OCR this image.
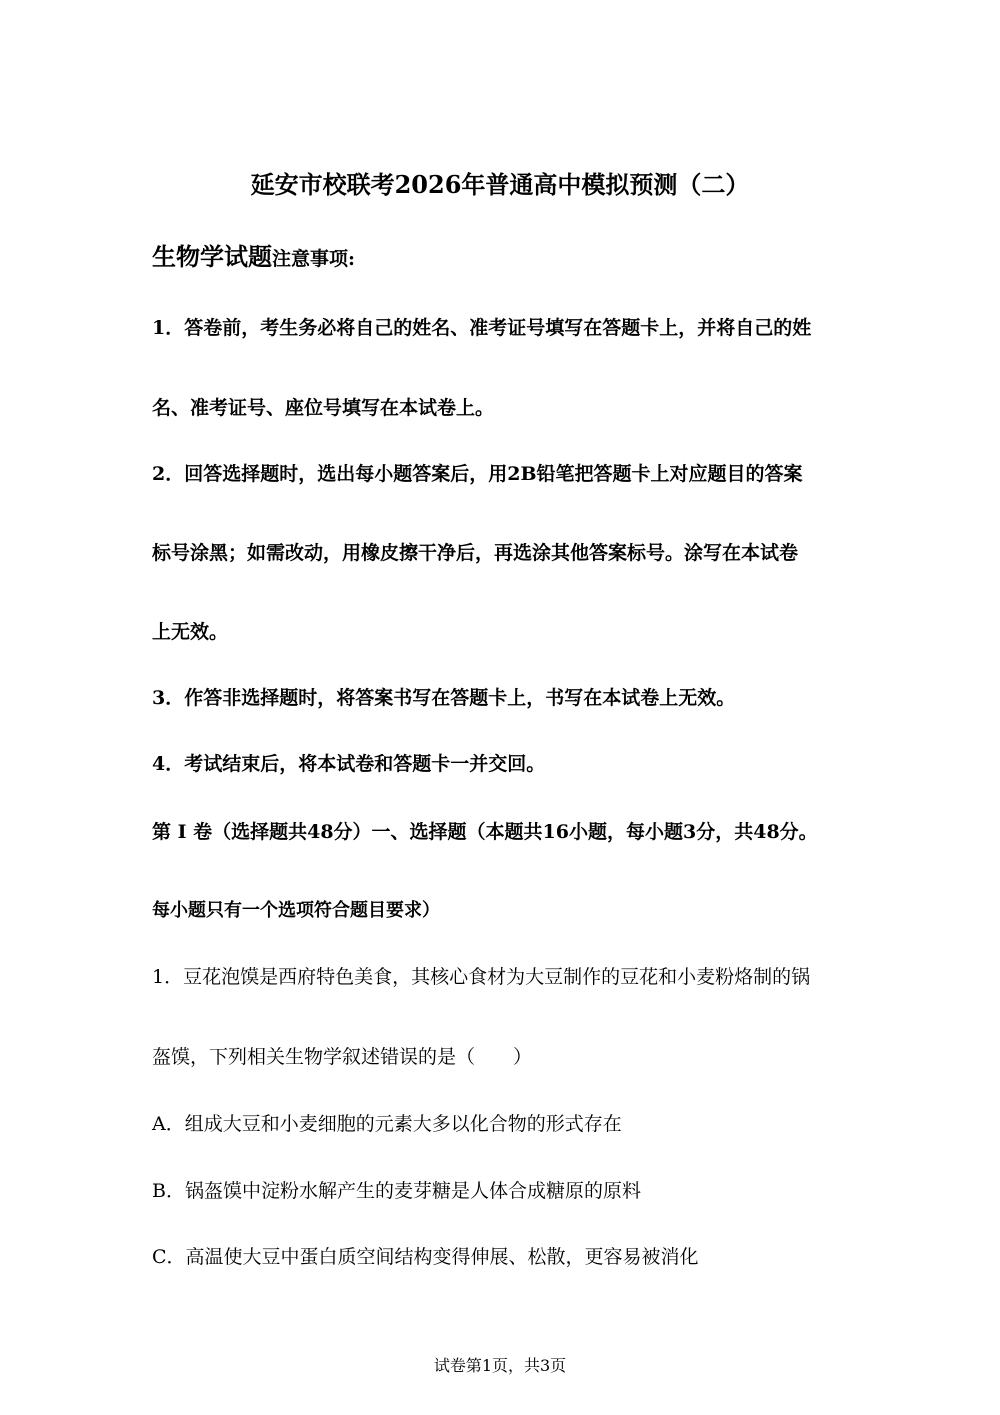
延安市校联考2026年普通高中模拟预测（二）
生物学试题注意事项:
1．答卷前，考生务必将自己的姓名、准考证号填写在答题卡上，并将自己的姓
名、准考证号、座位号填写在本试卷上。
2．回答选择题时，选出每小题答案后，用2B铅笔把答题卡上对应题目的答案
标号涂黑；如需改动，用橡皮擦干净后，再选涂其他答案标号。涂写在本试卷
上无效。
3．作答非选择题时，将答案书写在答题卡上，书写在本试卷上无效。
4．考试结束后，将本试卷和答题卡一并交回。
第 I 卷（选择题共48分）一、选择题（本题共16小题，每小题3分，共48分。
每小题只有一个选项符合题目要求）
1．豆花泡馍是西府特色美食，其核心食材为大豆制作的豆花和小麦粉烙制的锅
盔馍，下列相关生物学叙述错误的是（　　）
A．组成大豆和小麦细胞的元素大多以化合物的形式存在
B．锅盔馍中淀粉水解产生的麦芽糖是人体合成糖原的原料
C．高温使大豆中蛋白质空间结构变得伸展、松散，更容易被消化
试卷第1页，共3页
